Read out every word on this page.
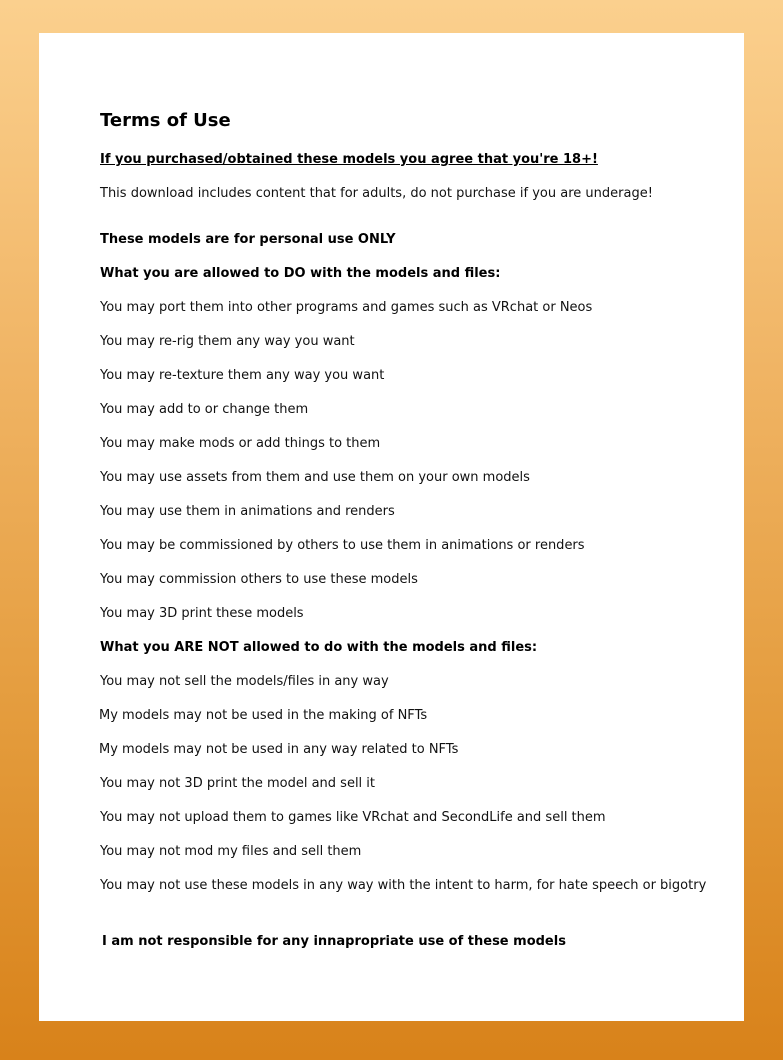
Terms of Use
If you purchased/obtained these models you agree that you're 18+!
This download includes content that for adults, do not purchase if you are underage!
These models are for personal use ONLY
What you are allowed to DO with the models and files:
You may port them into other programs and games such as VRchat or Neos
You may re-rig them any way you want
You may re-texture them any way you want
You may add to or change them
You may make mods or add things to them
You may use assets from them and use them on your own models
You may use them in animations and renders
You may be commissioned by others to use them in animations or renders
You may commission others to use these models
You may 3D print these models
What you ARE NOT allowed to do with the models and files:
You may not sell the models/files in any way
My models may not be used in the making of NFTs
My models may not be used in any way related to NFTs
You may not 3D print the model and sell it
You may not upload them to games like VRchat and SecondLife and sell them
You may not mod my files and sell them
You may not use these models in any way with the intent to harm, for hate speech or bigotry
I am not responsible for any innapropriate use of these models
